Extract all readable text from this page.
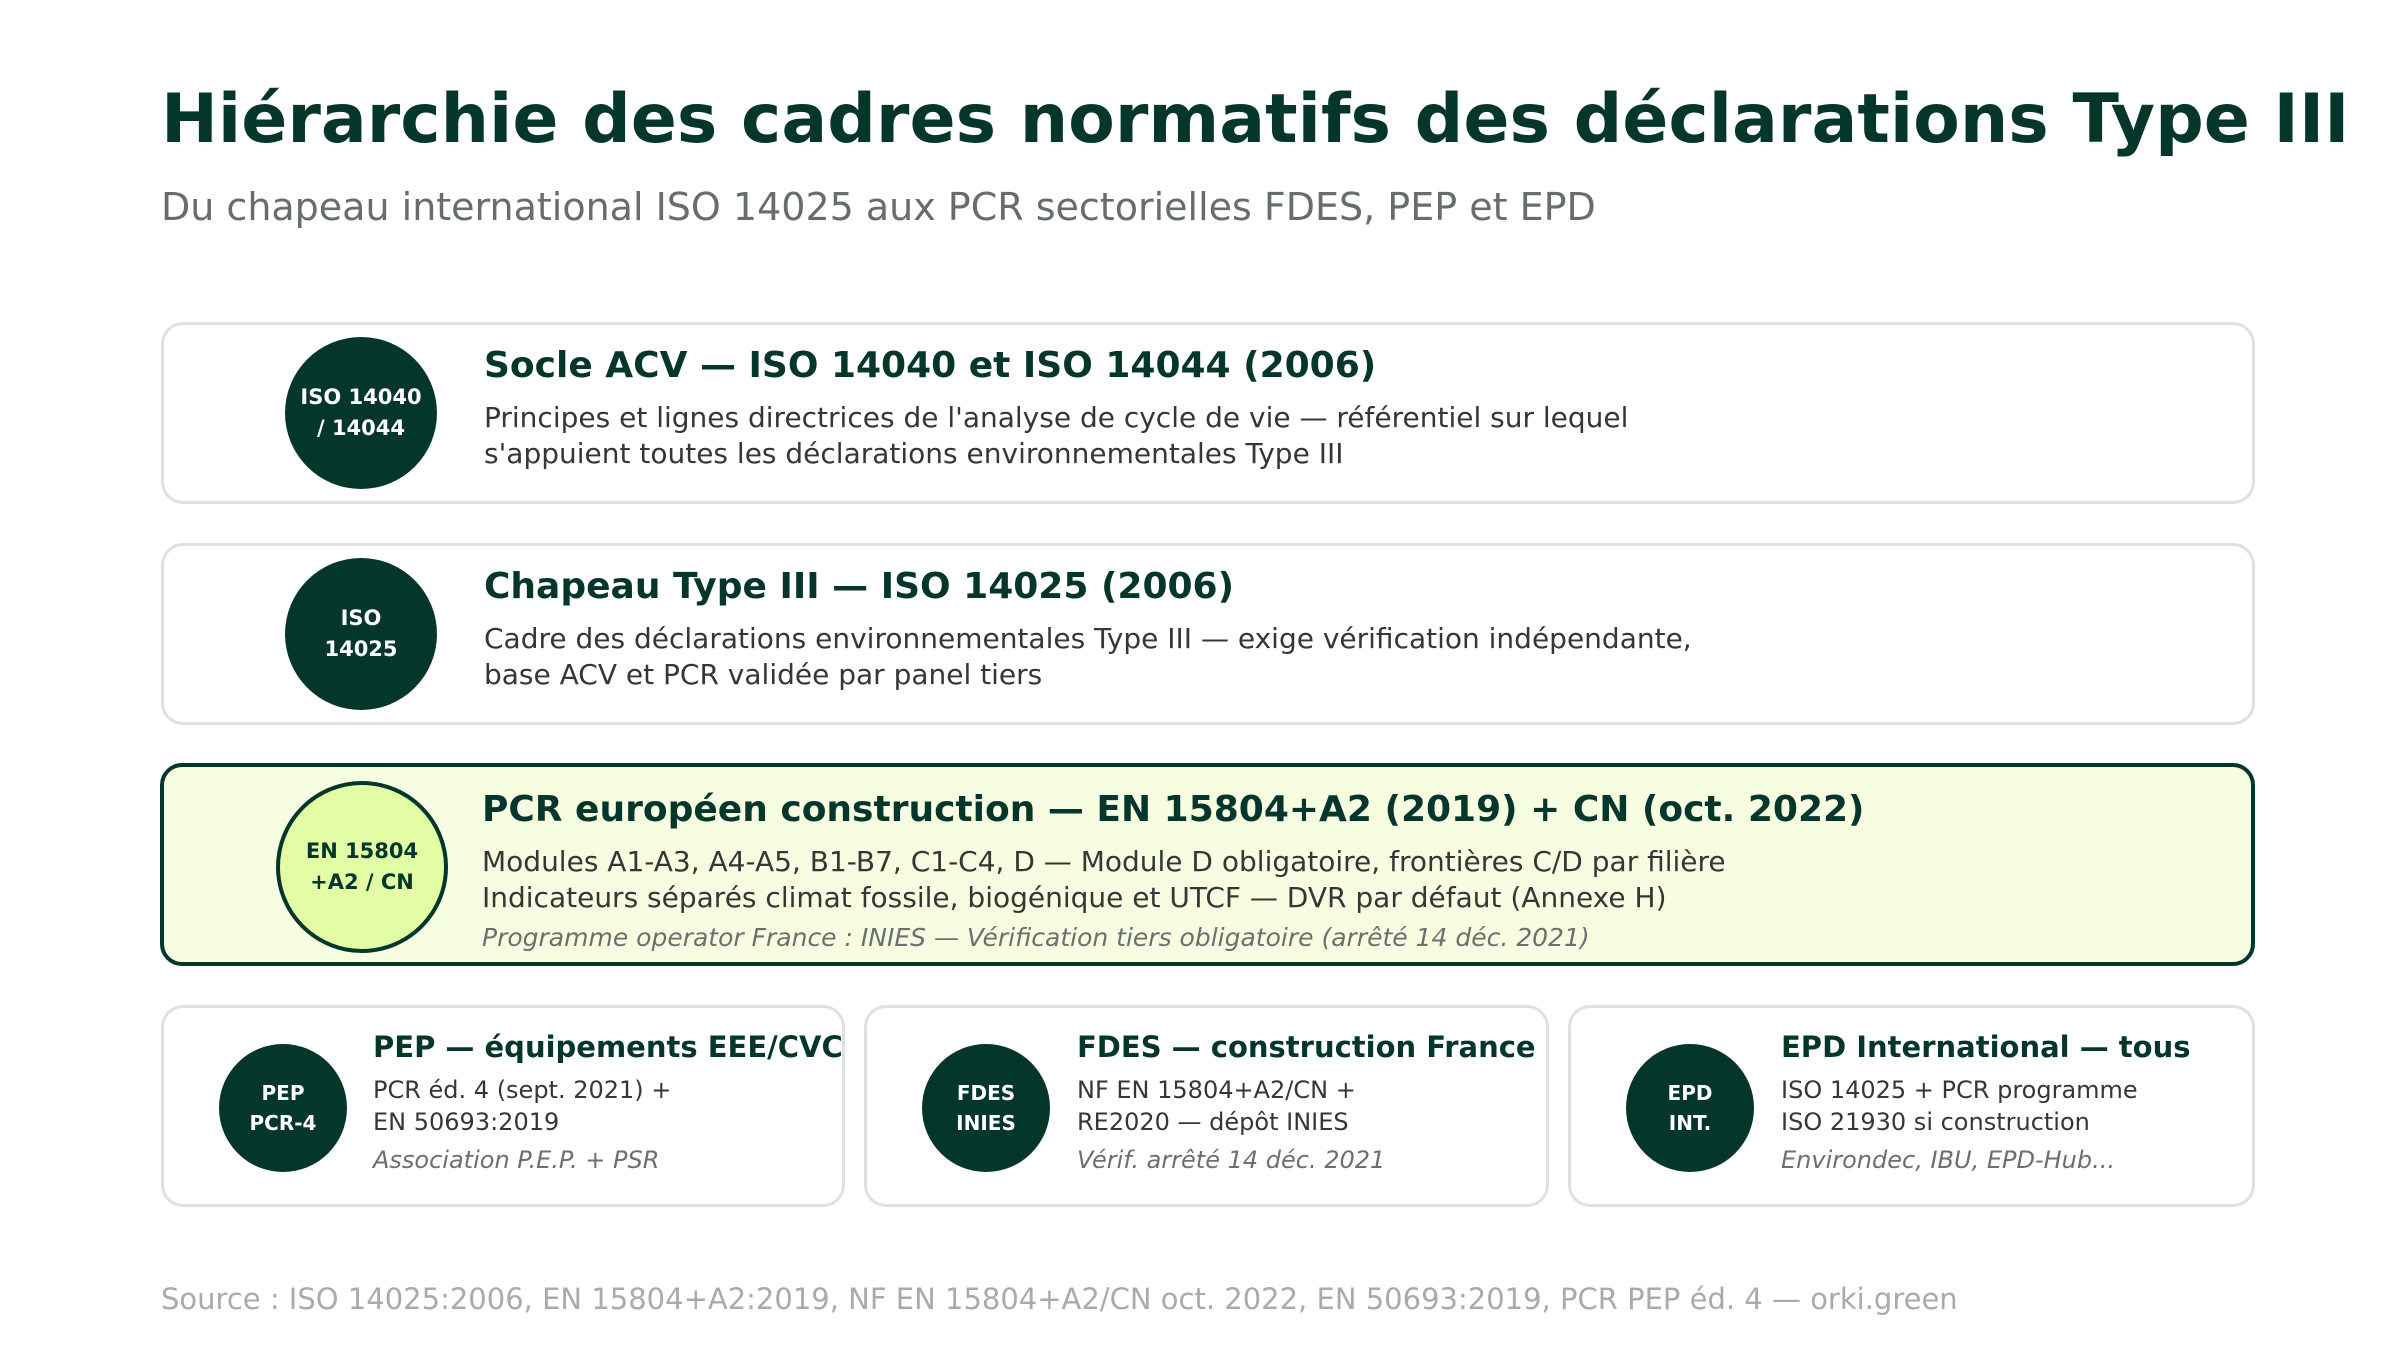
Hiérarchie des cadres normatifs des déclarations Type III

Du chapeau international ISO 14025 aux PCR sectorielles FDES, PEP et EPD

ISO 14040
/ 14044

Socle ACV — ISO 14040 et ISO 14044 (2006)

Principes et lignes directrices de l'analyse de cycle de vie — référentiel sur lequel

s'appuient toutes les déclarations environnementales Type III

ISO
14025

Chapeau Type III — ISO 14025 (2006)

Cadre des déclarations environnementales Type III — exige vérification indépendante,

base ACV et PCR validée par panel tiers

EN 15804
+A2 / CN

PCR européen construction — EN 15804+A2 (2019) + CN (oct. 2022)

Modules A1-A3, A4-A5, B1-B7, C1-C4, D — Module D obligatoire, frontières C/D par filière

Indicateurs séparés climat fossile, biogénique et UTCF — DVR par défaut (Annexe H)

Programme operator France : INIES — Vérification tiers obligatoire (arrêté 14 déc. 2021)

PEP
PCR-4

PEP — équipements EEE/CVC

PCR éd. 4 (sept. 2021) +

EN 50693:2019

Association P.E.P. + PSR

FDES
INIES

FDES — construction France

NF EN 15804+A2/CN +

RE2020 — dépôt INIES

Vérif. arrêté 14 déc. 2021

EPD
INT.

EPD International — tous

ISO 14025 + PCR programme

ISO 21930 si construction

Environdec, IBU, EPD-Hub...

Source : ISO 14025:2006, EN 15804+A2:2019, NF EN 15804+A2/CN oct. 2022, EN 50693:2019, PCR PEP éd. 4 — orki.green
